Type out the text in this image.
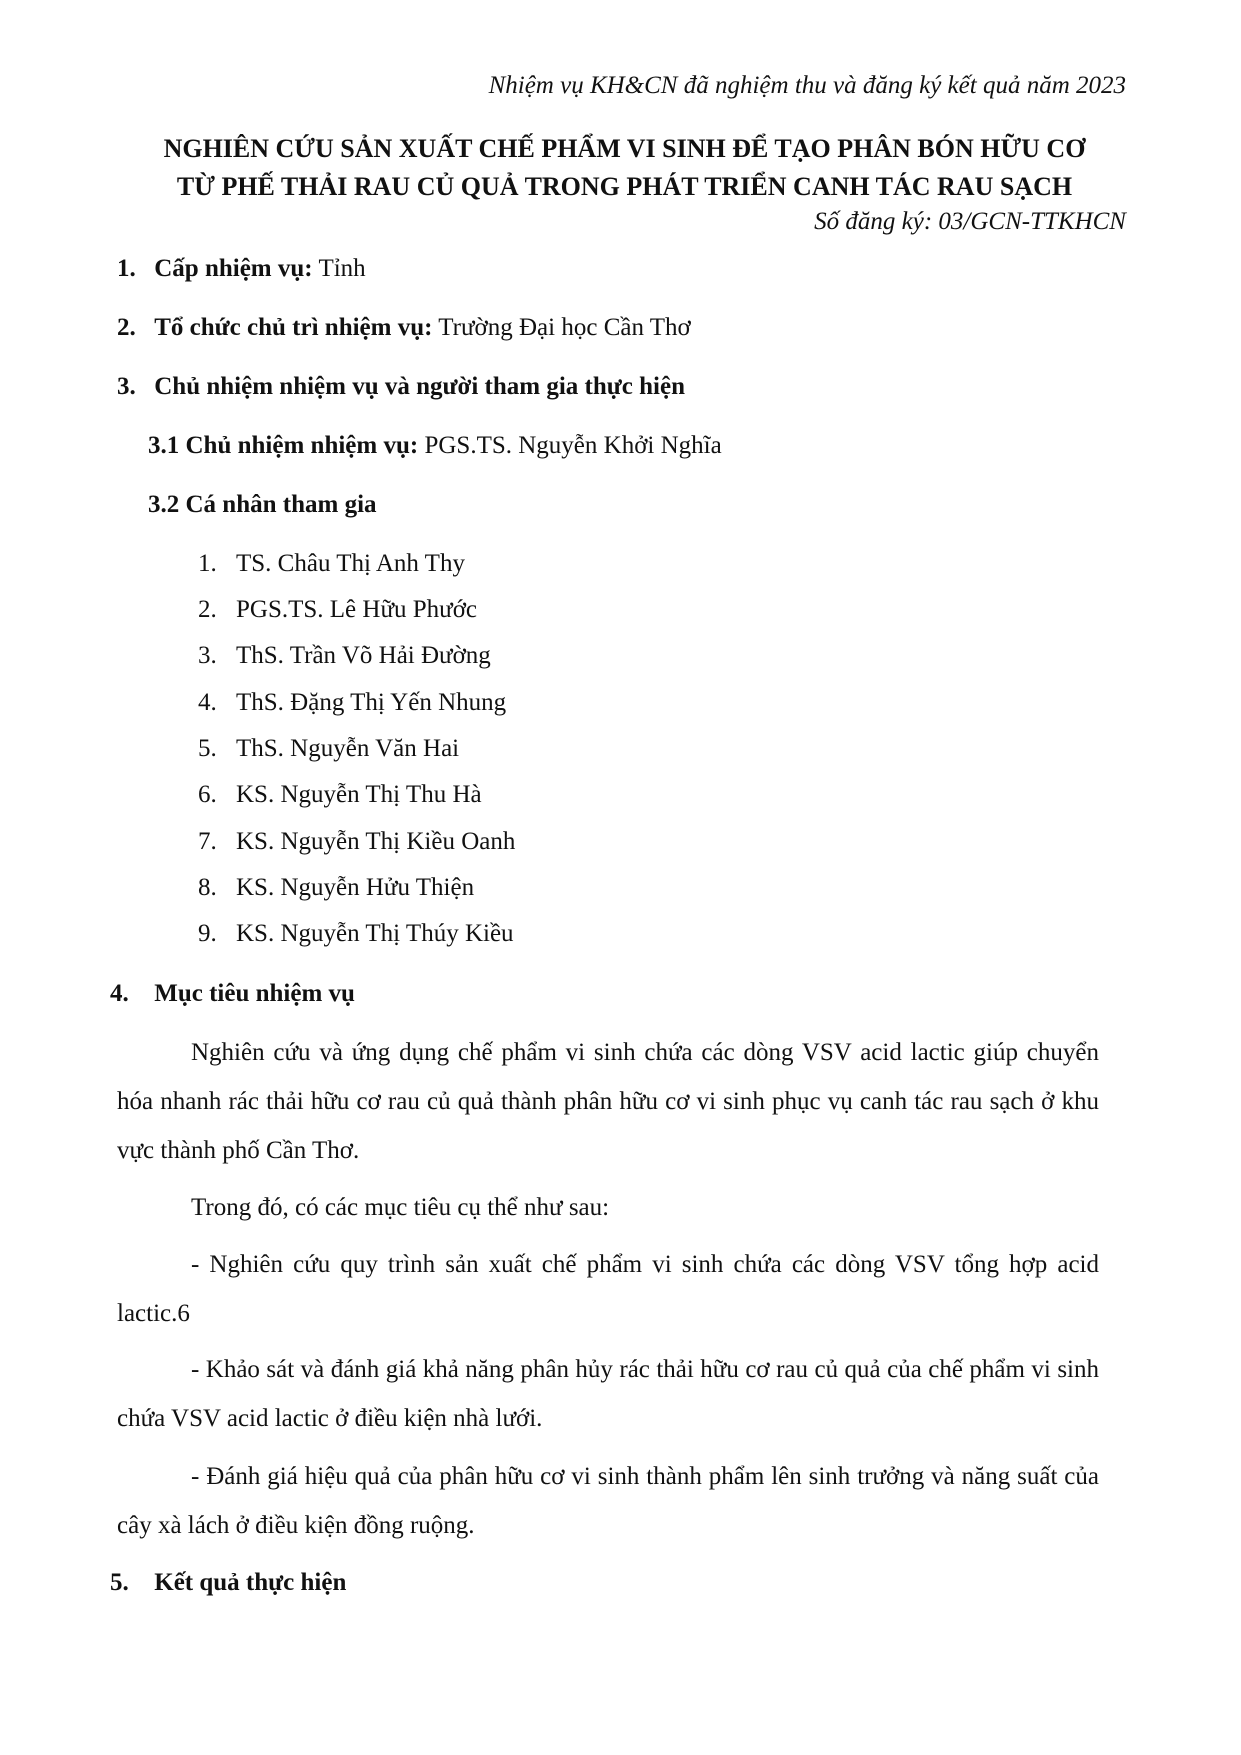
Nhiệm vụ KH&CN đã nghiệm thu và đăng ký kết quả năm 2023
NGHIÊN CỨU SẢN XUẤT CHẾ PHẨM VI SINH ĐỂ TẠO PHÂN BÓN HỮU CƠ
TỪ PHẾ THẢI RAU CỦ QUẢ TRONG PHÁT TRIỂN CANH TÁC RAU SẠCH
Số đăng ký: 03/GCN-TTKHCN
1. Cấp nhiệm vụ: Tỉnh
2. Tổ chức chủ trì nhiệm vụ: Trường Đại học Cần Thơ
3. Chủ nhiệm nhiệm vụ và người tham gia thực hiện
3.1 Chủ nhiệm nhiệm vụ: PGS.TS. Nguyễn Khởi Nghĩa
3.2 Cá nhân tham gia
1. TS. Châu Thị Anh Thy
2. PGS.TS. Lê Hữu Phước
3. ThS. Trần Võ Hải Đường
4. ThS. Đặng Thị Yến Nhung
5. ThS. Nguyễn Văn Hai
6. KS. Nguyễn Thị Thu Hà
7. KS. Nguyễn Thị Kiều Oanh
8. KS. Nguyễn Hửu Thiện
9. KS. Nguyễn Thị Thúy Kiều
4. Mục tiêu nhiệm vụ

Nghiên cứu và ứng dụng chế phẩm vi sinh chứa các dòng VSV acid lactic giúp chuyển hóa nhanh rác thải hữu cơ rau củ quả thành phân hữu cơ vi sinh phục vụ canh tác rau sạch ở khu vực thành phố Cần Thơ.

Trong đó, có các mục tiêu cụ thể như sau:

- Nghiên cứu quy trình sản xuất chế phẩm vi sinh chứa các dòng VSV tổng hợp acid lactic.6

- Khảo sát và đánh giá khả năng phân hủy rác thải hữu cơ rau củ quả của chế phẩm vi sinh chứa VSV acid lactic ở điều kiện nhà lưới.

- Đánh giá hiệu quả của phân hữu cơ vi sinh thành phẩm lên sinh trưởng và năng suất của cây xà lách ở điều kiện đồng ruộng.

5. Kết quả thực hiện
